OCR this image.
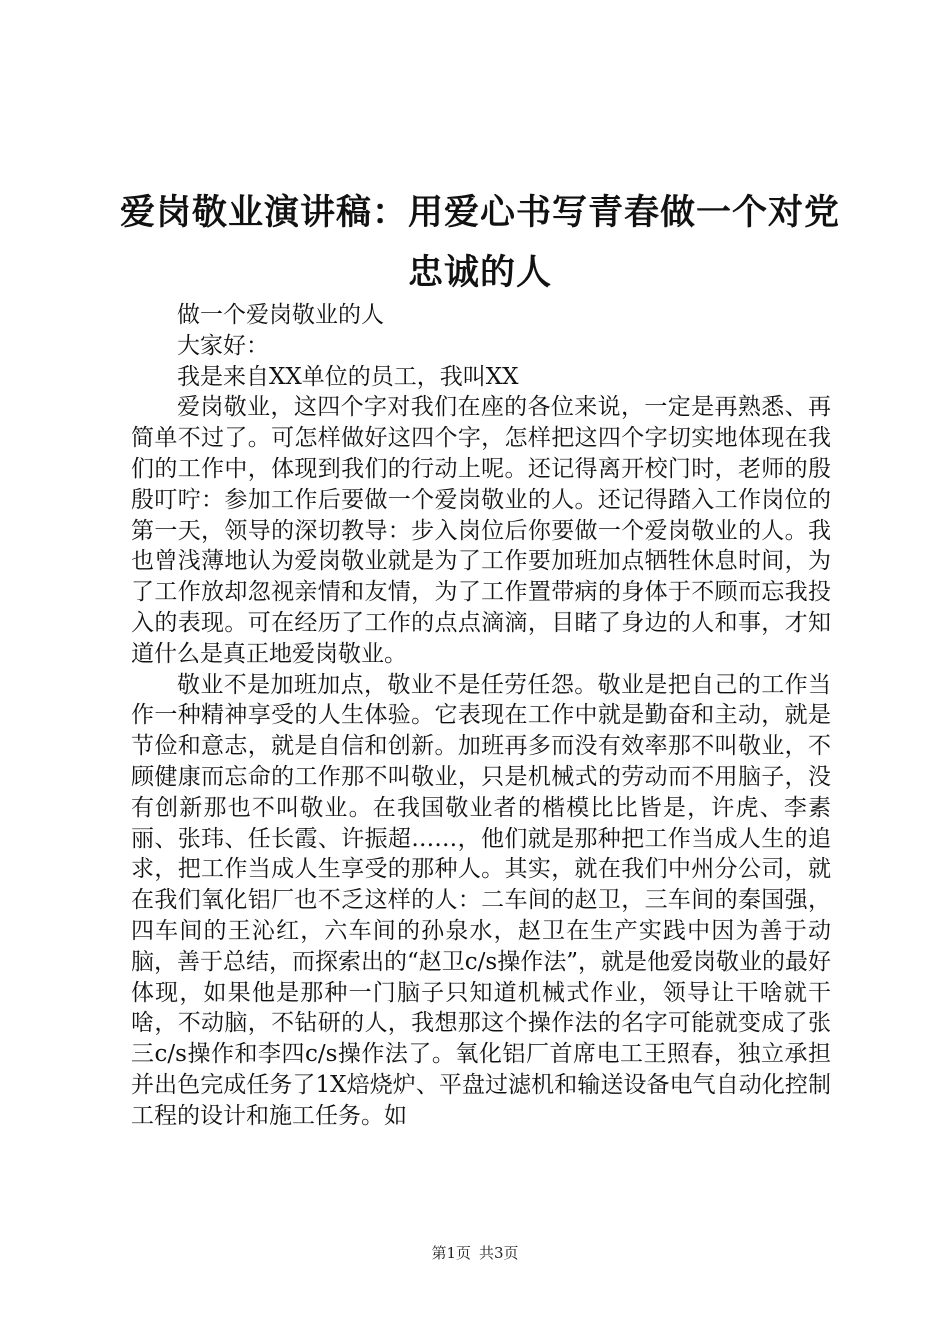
爱岗敬业演讲稿：用爱心书写青春做一个对党忠诚的人

做一个爱岗敬业的人

大家好：

我是来自XX单位的员工，我叫XX

爱岗敬业，这四个字对我们在座的各位来说，一定是再熟悉、再简单不过了。可怎样做好这四个字，怎样把这四个字切实地体现在我们的工作中，体现到我们的行动上呢。还记得离开校门时，老师的殷殷叮咛：参加工作后要做一个爱岗敬业的人。还记得踏入工作岗位的第一天，领导的深切教导：步入岗位后你要做一个爱岗敬业的人。我也曾浅薄地认为爱岗敬业就是为了工作要加班加点牺牲休息时间，为了工作放却忽视亲情和友情，为了工作置带病的身体于不顾而忘我投入的表现。可在经历了工作的点点滴滴，目睹了身边的人和事，才知道什么是真正地爱岗敬业。

敬业不是加班加点，敬业不是任劳任怨。敬业是把自己的工作当作一种精神享受的人生体验。它表现在工作中就是勤奋和主动，就是节俭和意志，就是自信和创新。加班再多而没有效率那不叫敬业，不顾健康而忘命的工作那不叫敬业，只是机械式的劳动而不用脑子，没有创新那也不叫敬业。在我国敬业者的楷模比比皆是，许虎、李素丽、张玮、任长霞、许振超……，他们就是那种把工作当成人生的追求，把工作当成人生享受的那种人。其实，就在我们中州分公司，就在我们氧化铝厂也不乏这样的人：二车间的赵卫，三车间的秦国强，四车间的王沁红，六车间的孙泉水，赵卫在生产实践中因为善于动脑，善于总结，而探索出的“赵卫c/s操作法”，就是他爱岗敬业的最好体现，如果他是那种一门脑子只知道机械式作业，领导让干啥就干啥，不动脑，不钻研的人，我想那这个操作法的名字可能就变成了张三c/s操作和李四c/s操作法了。氧化铝厂首席电工王照春，独立承担并出色完成任务了1X焙烧炉、平盘过滤机和输送设备电气自动化控制工程的设计和施工任务。如

第1页 共3页
